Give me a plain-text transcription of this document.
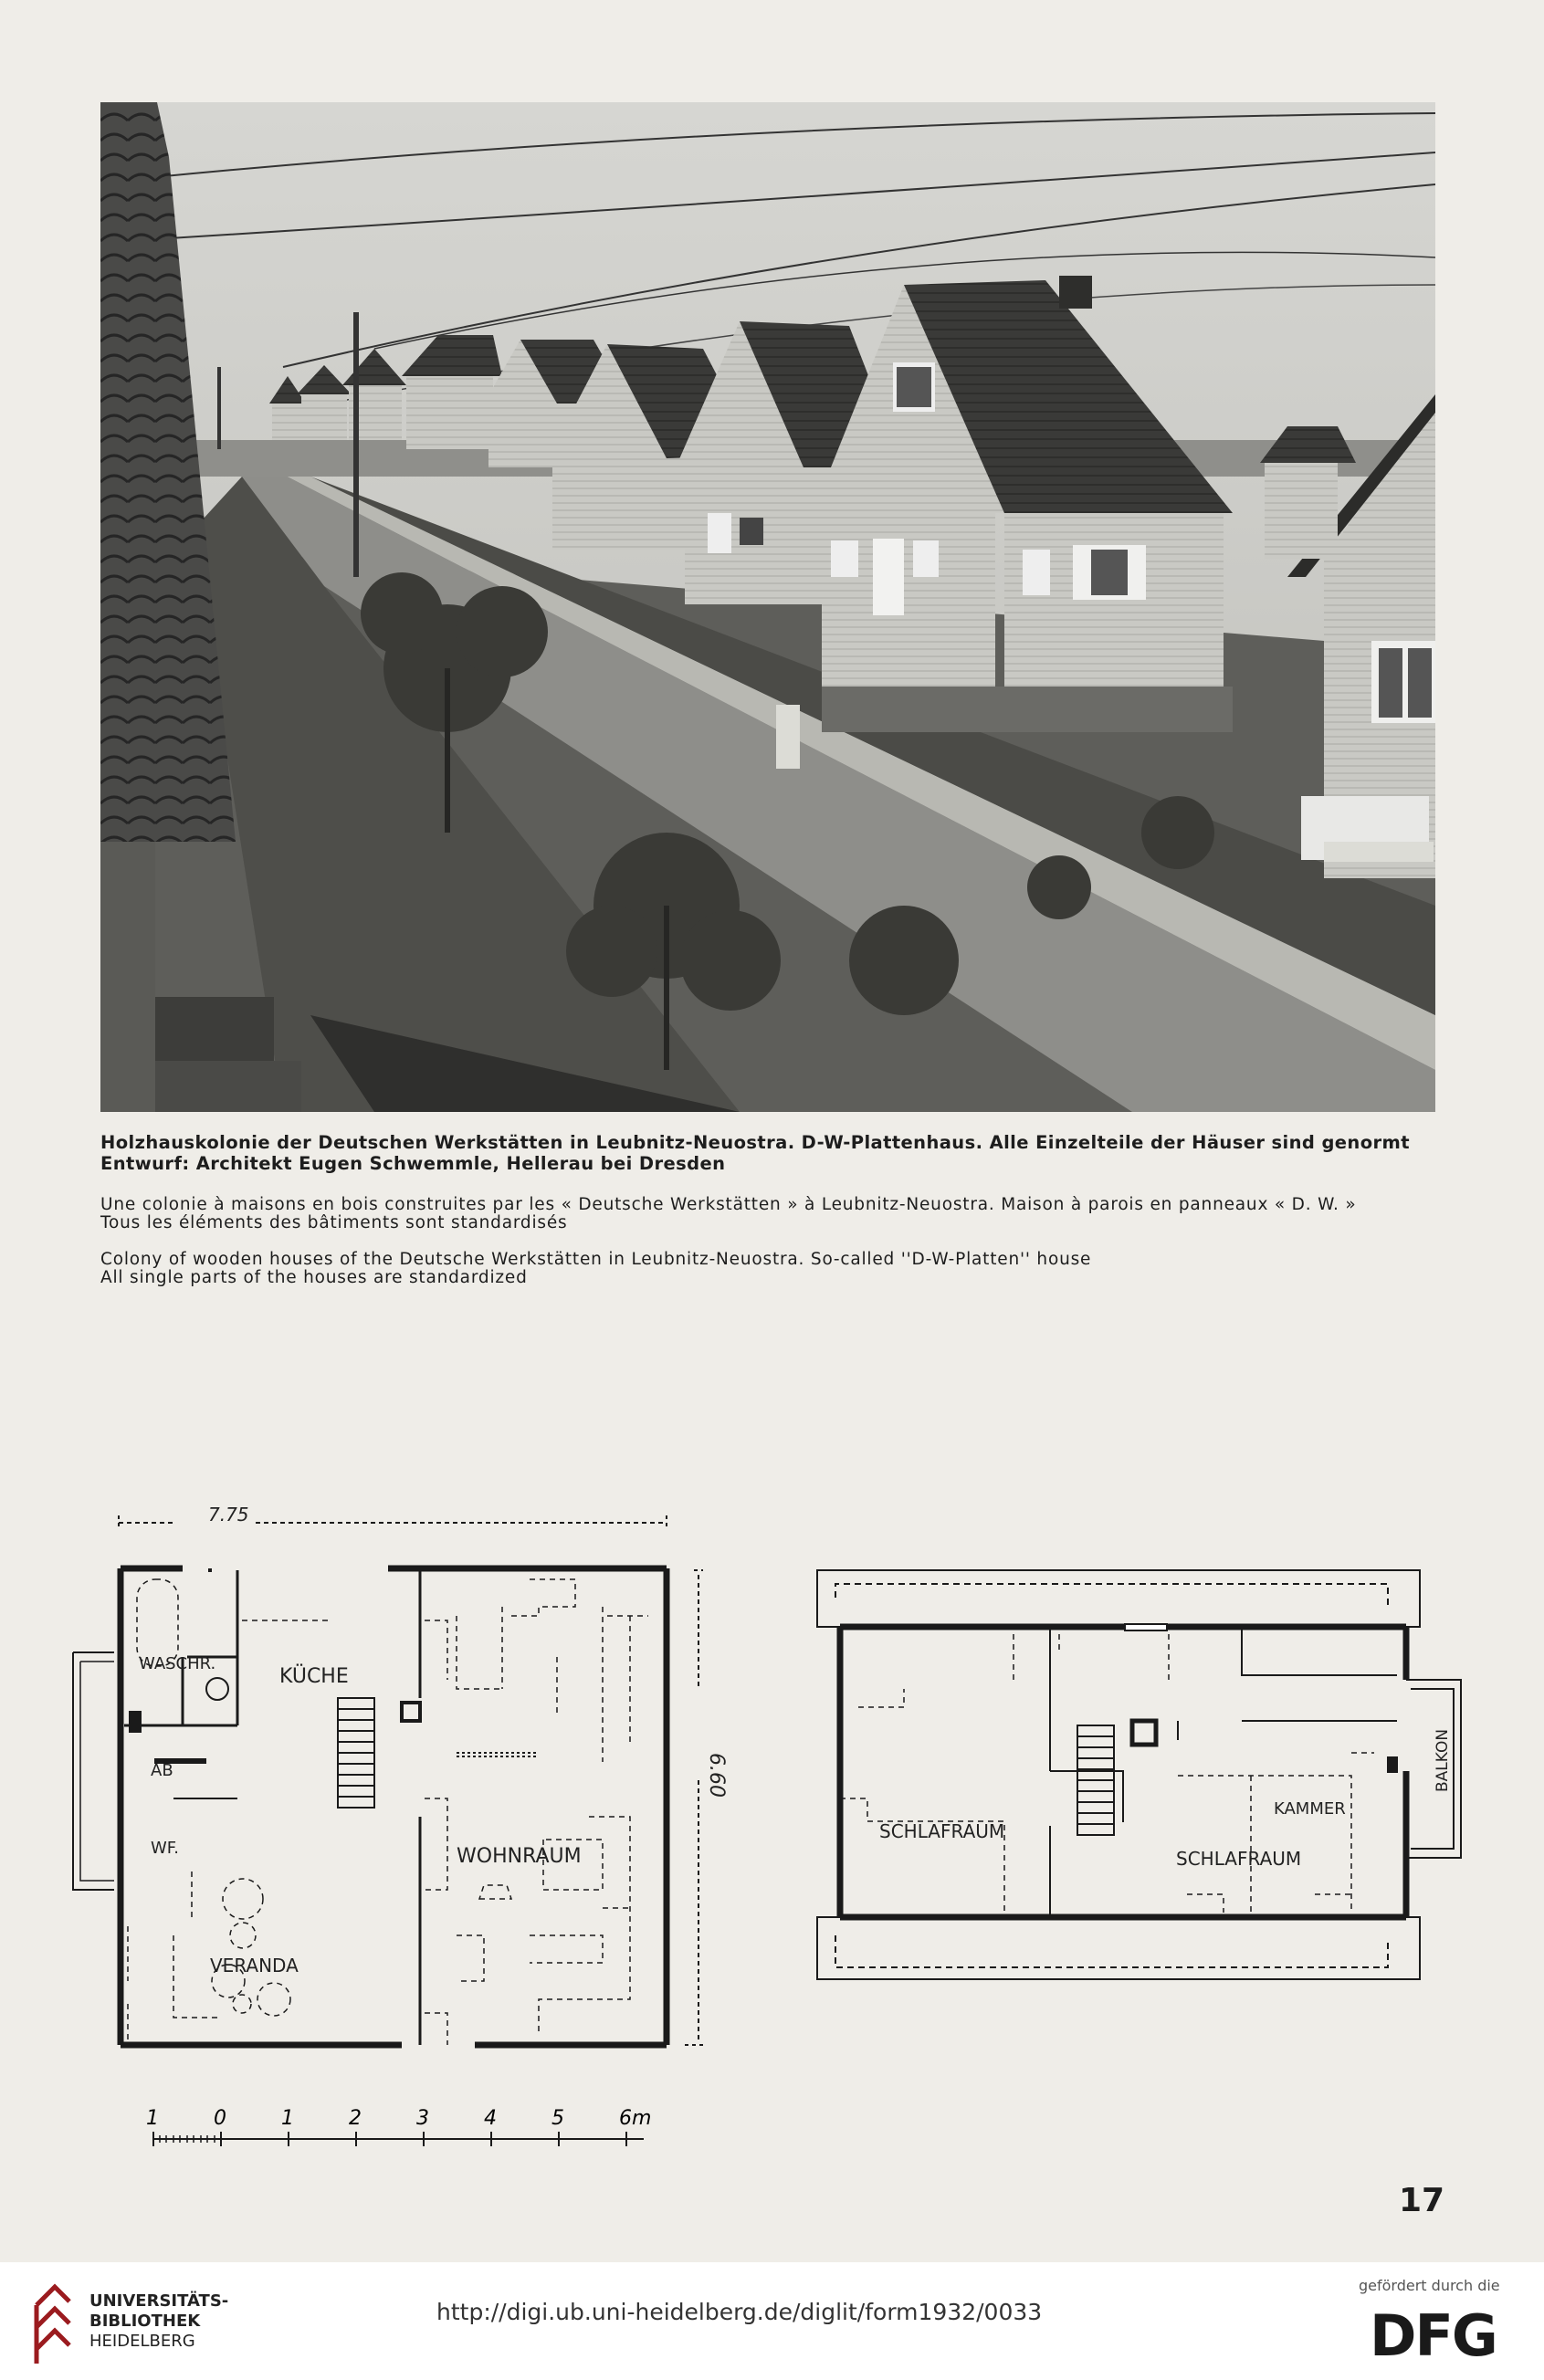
Holzhauskolonie der Deutschen Werkstätten in Leubnitz-Neuostra. D-W-Plattenhaus. Alle Einzelteile der Häuser sind genormt
Entwurf: Architekt Eugen Schwemmle, Hellerau bei Dresden
Une colonie à maisons en bois construites par les « Deutsche Werkstätten » à Leubnitz-Neuostra. Maison à parois en panneaux « D. W. »
Tous les éléments des bâtiments sont standardisés
Colony of wooden houses of the Deutsche Werkstätten in Leubnitz-Neuostra. So-called ''D-W-Platten'' house
All single parts of the houses are standardized
7.75
6.60
WASCHR.
KÜCHE
AB
WF.	WOHNRAUM
VERANDA
SCHLAFRAUM
SCHLAFRAUM
KAMMER
BALKON
1	0	1	2	3	4	5	6m
17
UNIVERSITÄTS-
BIBLIOTHEK
HEIDELBERG
http://digi.ub.uni-heidelberg.de/diglit/form1932/0033
gefördert durch die
DFG
